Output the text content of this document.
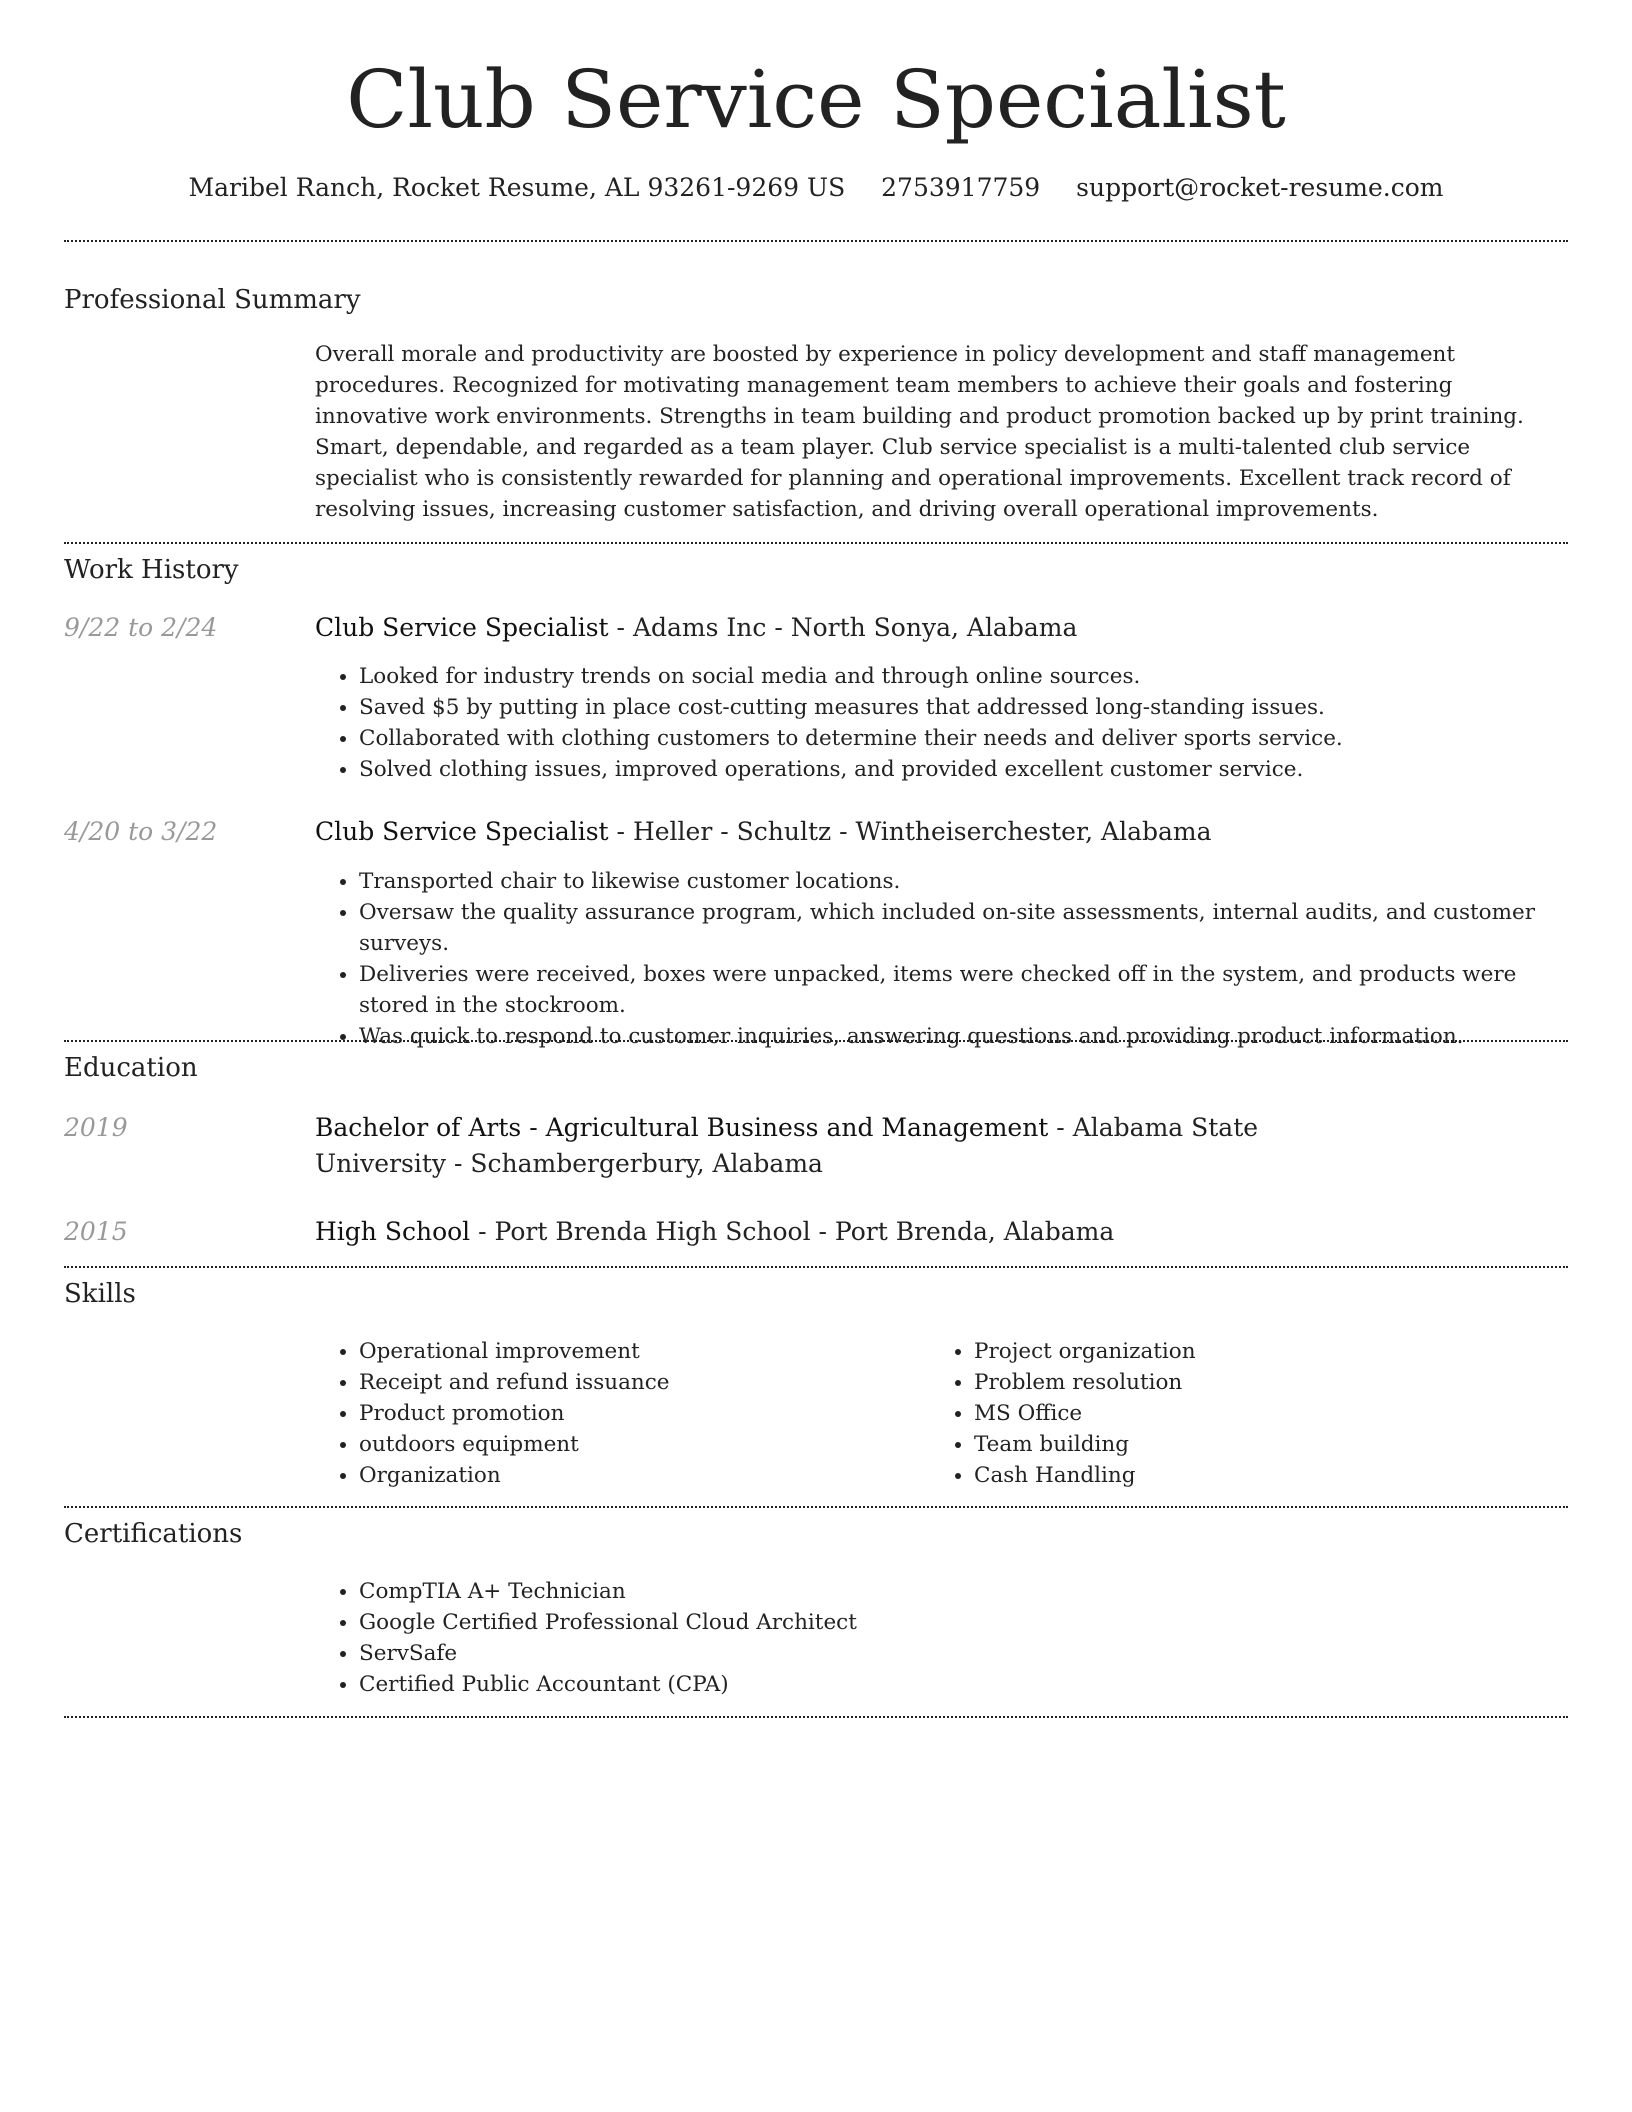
Club Service Specialist
Maribel Ranch, Rocket Resume, AL 93261-9269 US 2753917759 support@rocket-resume.com
Professional Summary

Overall morale and productivity are boosted by experience in policy development and staff management procedures. Recognized for motivating management team members to achieve their goals and fostering innovative work environments. Strengths in team building and product promotion backed up by print training. Smart, dependable, and regarded as a team player. Club service specialist is a multi-talented club service specialist who is consistently rewarded for planning and operational improvements. Excellent track record of resolving issues, increasing customer satisfaction, and driving overall operational improvements.

Work History
9/22 to 2/24	Club Service Specialist - Adams Inc - North Sonya, Alabama
• Looked for industry trends on social media and through online sources.
• Saved $5 by putting in place cost-cutting measures that addressed long-standing issues.
• Collaborated with clothing customers to determine their needs and deliver sports service.
• Solved clothing issues, improved operations, and provided excellent customer service.
4/20 to 3/22	Club Service Specialist - Heller - Schultz - Wintheiserchester, Alabama
• Transported chair to likewise customer locations.
• Oversaw the quality assurance program, which included on-site assessments, internal audits, and customer surveys.
• Deliveries were received, boxes were unpacked, items were checked off in the system, and products were stored in the stockroom.
• Was quick to respond to customer inquiries, answering questions and providing product information.
Education
2019	Bachelor of Arts - Agricultural Business and Management - Alabama State University - Schambergerbury, Alabama
2015	High School - Port Brenda High School - Port Brenda, Alabama
Skills
• Operational improvement
• Receipt and refund issuance
• Product promotion
• outdoors equipment
• Organization
• Project organization
• Problem resolution
• MS Office
• Team building
• Cash Handling
Certifications
• CompTIA A+ Technician
• Google Certified Professional Cloud Architect
• ServSafe
• Certified Public Accountant (CPA)
